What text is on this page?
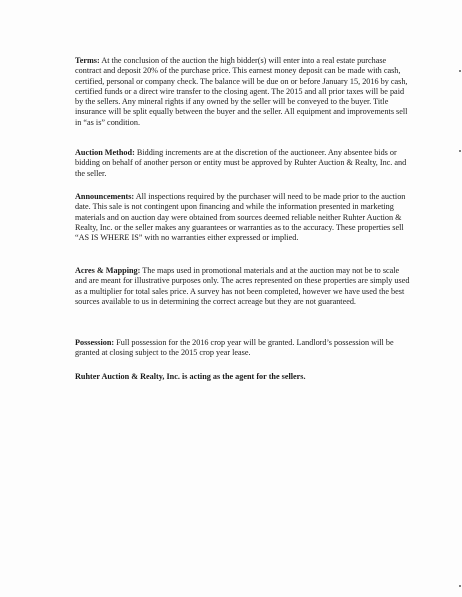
Terms: At the conclusion of the auction the high bidder(s) will enter into a real estate purchase contract and deposit 20% of the purchase price. This earnest money deposit can be made with cash, certified, personal or company check. The balance will be due on or before January 15, 2016 by cash, certified funds or a direct wire transfer to the closing agent. The 2015 and all prior taxes will be paid by the sellers. Any mineral rights if any owned by the seller will be conveyed to the buyer. Title insurance will be split equally between the buyer and the seller. All equipment and improvements sell in “as is” condition.

Auction Method: Bidding increments are at the discretion of the auctioneer. Any absentee bids or bidding on behalf of another person or entity must be approved by Ruhter Auction & Realty, Inc. and the seller.

Announcements: All inspections required by the purchaser will need to be made prior to the auction date. This sale is not contingent upon financing and while the information presented in marketing materials and on auction day were obtained from sources deemed reliable neither Ruhter Auction & Realty, Inc. or the seller makes any guarantees or warranties as to the accuracy. These properties sell “AS IS WHERE IS” with no warranties either expressed or implied.

Acres & Mapping: The maps used in promotional materials and at the auction may not be to scale and are meant for illustrative purposes only. The acres represented on these properties are simply used as a multiplier for total sales price. A survey has not been completed, however we have used the best sources available to us in determining the correct acreage but they are not guaranteed.

Possession: Full possession for the 2016 crop year will be granted. Landlord’s possession will be granted at closing subject to the 2015 crop year lease.

Ruhter Auction & Realty, Inc. is acting as the agent for the sellers.
